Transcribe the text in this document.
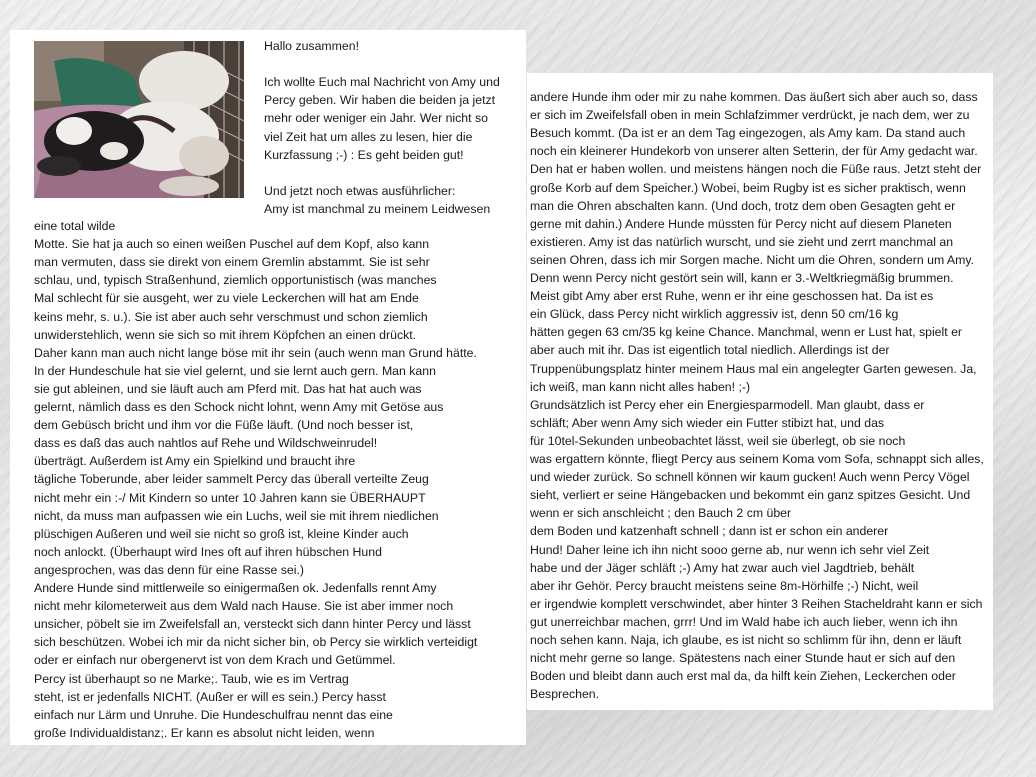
Hallo zusammen!
Ich wollte Euch mal Nachricht von Amy und
Percy geben. Wir haben die beiden ja jetzt
mehr oder weniger ein Jahr. Wer nicht so
viel Zeit hat um alles zu lesen, hier die
Kurzfassung ;-) : Es geht beiden gut!
Und jetzt noch etwas ausführlicher:
Amy ist manchmal zu meinem Leidwesen
eine total wilde
Motte. Sie hat ja auch so einen weißen Puschel auf dem Kopf, also kann
man vermuten, dass sie direkt von einem Gremlin abstammt. Sie ist sehr
schlau, und, typisch Straßenhund, ziemlich opportunistisch (was manches
Mal schlecht für sie ausgeht, wer zu viele Leckerchen will hat am Ende
keins mehr, s. u.). Sie ist aber auch sehr verschmust und schon ziemlich
unwiderstehlich, wenn sie sich so mit ihrem Köpfchen an einen drückt.
Daher kann man auch nicht lange böse mit ihr sein (auch wenn man Grund hätte.
In der Hundeschule hat sie viel gelernt, und sie lernt auch gern. Man kann
sie gut ableinen, und sie läuft auch am Pferd mit. Das hat hat auch was
gelernt, nämlich dass es den Schock nicht lohnt, wenn Amy mit Getöse aus
dem Gebüsch bricht und ihm vor die Füße läuft. (Und noch besser ist,
dass es daß das auch nahtlos auf Rehe und Wildschweinrudel!
überträgt. Außerdem ist Amy ein Spielkind und braucht ihre
tägliche Toberunde, aber leider sammelt Percy das überall verteilte Zeug
nicht mehr ein :-/ Mit Kindern so unter 10 Jahren kann sie ÜBERHAUPT
nicht, da muss man aufpassen wie ein Luchs, weil sie mit ihrem niedlichen
plüschigen Außeren und weil sie nicht so groß ist, kleine Kinder auch
noch anlockt. (Überhaupt wird Ines oft auf ihren hübschen Hund
angesprochen, was das denn für eine Rasse sei.)
Andere Hunde sind mittlerweile so einigermaßen ok. Jedenfalls rennt Amy
nicht mehr kilometerweit aus dem Wald nach Hause. Sie ist aber immer noch
unsicher, pöbelt sie im Zweifelsfall an, versteckt sich dann hinter Percy und lässt
sich beschützen. Wobei ich mir da nicht sicher bin, ob Percy sie wirklich verteidigt
oder er einfach nur obergenervt ist von dem Krach und Getümmel.
Percy ist überhaupt so ne Marke;. Taub, wie es im Vertrag
steht, ist er jedenfalls NICHT. (Außer er will es sein.) Percy hasst
einfach nur Lärm und Unruhe. Die Hundeschulfrau nennt das eine
große Individualdistanz;. Er kann es absolut nicht leiden, wenn
andere Hunde ihm oder mir zu nahe kommen. Das äußert sich aber auch so, dass
er sich im Zweifelsfall oben in mein Schlafzimmer verdrückt, je nach dem, wer zu
Besuch kommt. (Da ist er an dem Tag eingezogen, als Amy kam. Da stand auch
noch ein kleinerer Hundekorb von unserer alten Setterin, der für Amy gedacht war.
Den hat er haben wollen. und meistens hängen noch die Füße raus. Jetzt steht der
große Korb auf dem Speicher.) Wobei, beim Rugby ist es sicher praktisch, wenn
man die Ohren abschalten kann. (Und doch, trotz dem oben Gesagten geht er
gerne mit dahin.) Andere Hunde müssten für Percy nicht auf diesem Planeten
existieren. Amy ist das natürlich wurscht, und sie zieht und zerrt manchmal an
seinen Ohren, dass ich mir Sorgen mache. Nicht um die Ohren, sondern um Amy.
Denn wenn Percy nicht gestört sein will, kann er 3.-Weltkriegmäßig brummen.
Meist gibt Amy aber erst Ruhe, wenn er ihr eine geschossen hat. Da ist es
ein Glück, dass Percy nicht wirklich aggressiv ist, denn 50 cm/16 kg
hätten gegen 63 cm/35 kg keine Chance. Manchmal, wenn er Lust hat, spielt er
aber auch mit ihr. Das ist eigentlich total niedlich. Allerdings ist der
Truppenübungsplatz hinter meinem Haus mal ein angelegter Garten gewesen. Ja,
ich weiß, man kann nicht alles haben! ;-)
Grundsätzlich ist Percy eher ein Energiesparmodell. Man glaubt, dass er
schläft; Aber wenn Amy sich wieder ein Futter stibizt hat, und das
für 10tel-Sekunden unbeobachtet lässt, weil sie überlegt, ob sie noch
was ergattern könnte, fliegt Percy aus seinem Koma vom Sofa, schnappt sich alles,
und wieder zurück. So schnell können wir kaum gucken! Auch wenn Percy Vögel
sieht, verliert er seine Hängebacken und bekommt ein ganz spitzes Gesicht. Und
wenn er sich anschleicht ; den Bauch 2 cm über
dem Boden und katzenhaft schnell ; dann ist er schon ein anderer
Hund! Daher leine ich ihn nicht sooo gerne ab, nur wenn ich sehr viel Zeit
habe und der Jäger schläft ;-) Amy hat zwar auch viel Jagdtrieb, behält
aber ihr Gehör. Percy braucht meistens seine 8m-Hörhilfe ;-) Nicht, weil
er irgendwie komplett verschwindet, aber hinter 3 Reihen Stacheldraht kann er sich
gut unerreichbar machen, grrr! Und im Wald habe ich auch lieber, wenn ich ihn
noch sehen kann. Naja, ich glaube, es ist nicht so schlimm für ihn, denn er läuft
nicht mehr gerne so lange. Spätestens nach einer Stunde haut er sich auf den
Boden und bleibt dann auch erst mal da, da hilft kein Ziehen, Leckerchen oder
Besprechen.
